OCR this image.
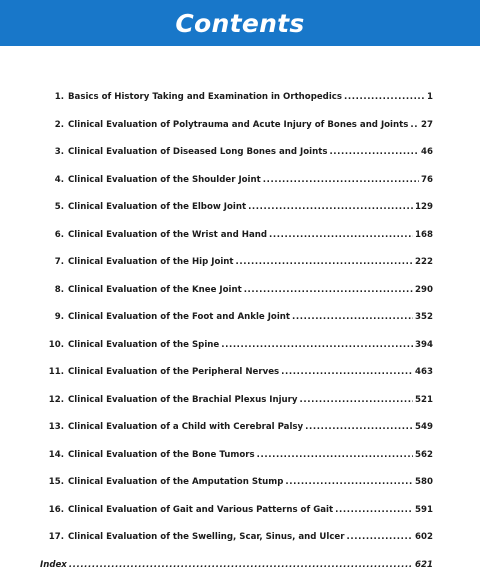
Contents
1. Basics of History Taking and Examination in Orthopedics .....	1
2. Clinical Evaluation of Polytrauma and Acute Injury of Bones and Joints ..... 27
3. Clinical Evaluation of Diseased Long Bones and Joints .....	46
4. Clinical Evaluation of the Shoulder Joint .....	76
5. Clinical Evaluation of the Elbow Joint .....	129
6. Clinical Evaluation of the Wrist and Hand .....	168
7. Clinical Evaluation of the Hip Joint .....	222
8. Clinical Evaluation of the Knee Joint .....	290
9. Clinical Evaluation of the Foot and Ankle Joint .....	352
10. Clinical Evaluation of the Spine .....	394
11. Clinical Evaluation of the Peripheral Nerves .....	463
12. Clinical Evaluation of the Brachial Plexus Injury .....	521
13. Clinical Evaluation of a Child with Cerebral Palsy .....	549
14. Clinical Evaluation of the Bone Tumors .....	562
15. Clinical Evaluation of the Amputation Stump .....	580
16. Clinical Evaluation of Gait and Various Patterns of Gait .....	591
17. Clinical Evaluation of the Swelling, Scar, Sinus, and Ulcer .....	602
Index .....	621
